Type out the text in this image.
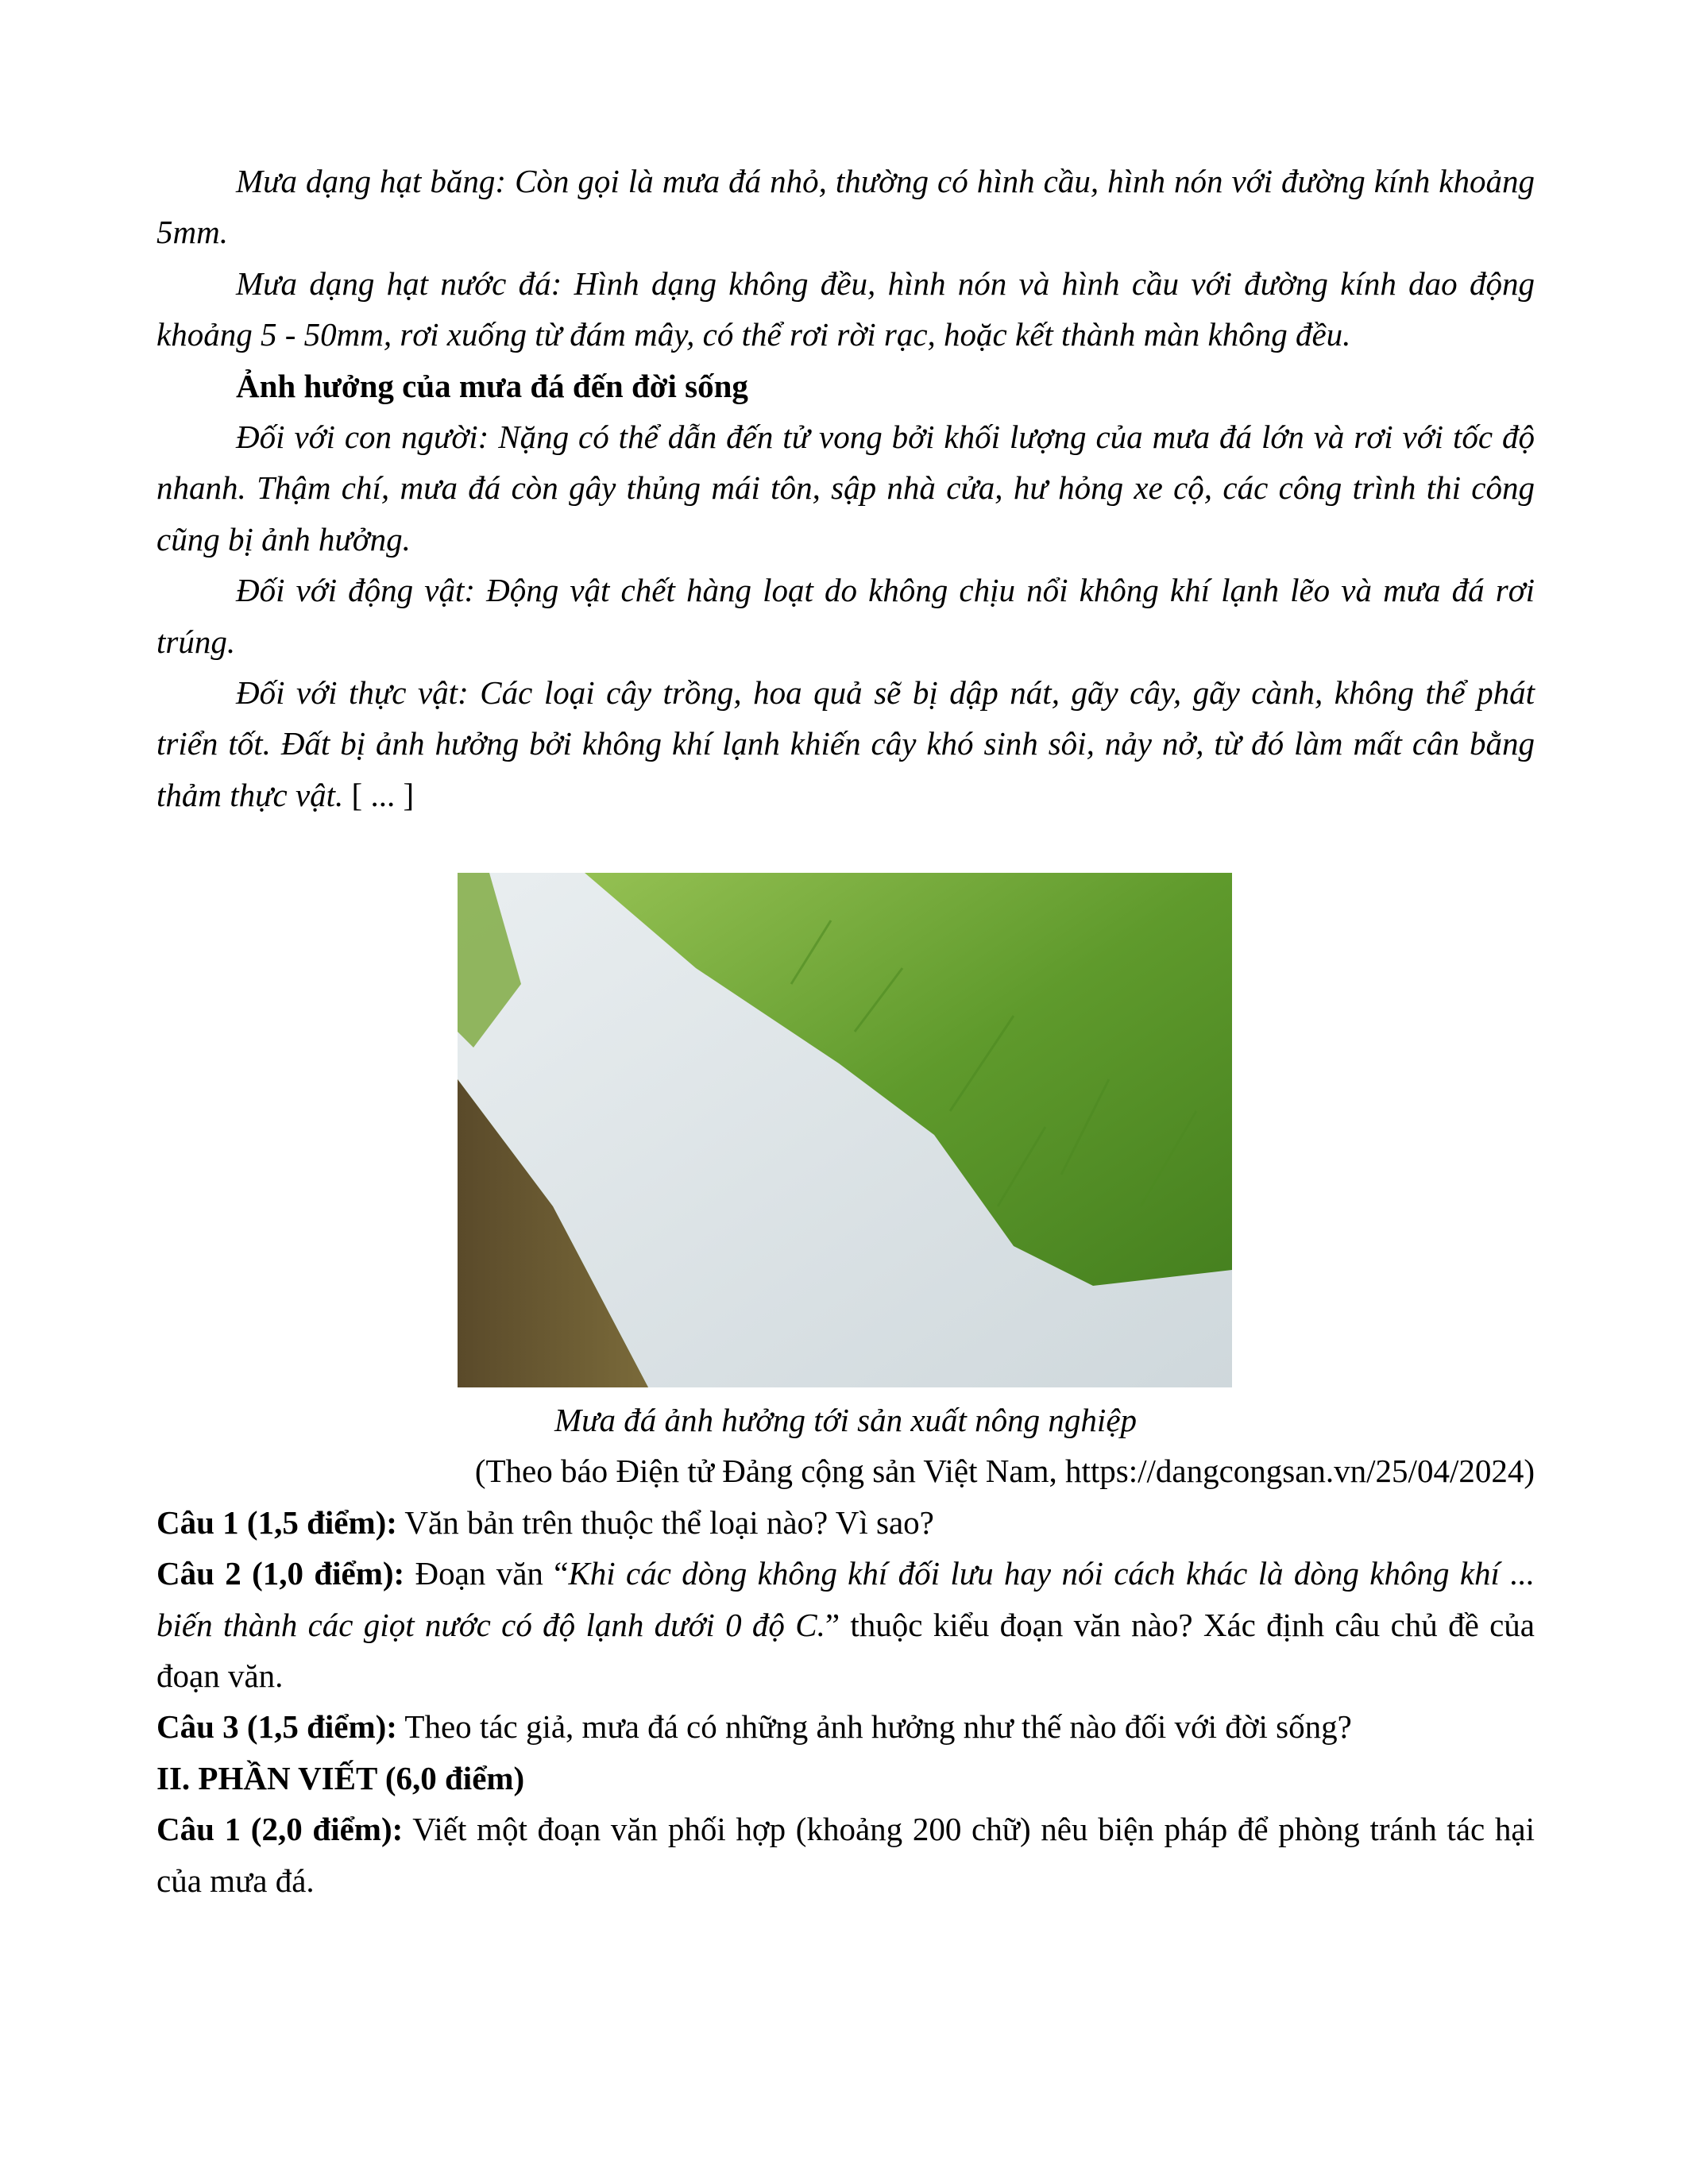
Mưa dạng hạt băng: Còn gọi là mưa đá nhỏ, thường có hình cầu, hình nón với đường kính khoảng 5mm.

Mưa dạng hạt nước đá: Hình dạng không đều, hình nón và hình cầu với đường kính dao động khoảng 5 - 50mm, rơi xuống từ đám mây, có thể rơi rời rạc, hoặc kết thành màn không đều.

Ảnh hưởng của mưa đá đến đời sống

Đối với con người: Nặng có thể dẫn đến tử vong bởi khối lượng của mưa đá lớn và rơi với tốc độ nhanh. Thậm chí, mưa đá còn gây thủng mái tôn, sập nhà cửa, hư hỏng xe cộ, các công trình thi công cũng bị ảnh hưởng.

Đối với động vật: Động vật chết hàng loạt do không chịu nổi không khí lạnh lẽo và mưa đá rơi trúng.

Đối với thực vật: Các loại cây trồng, hoa quả sẽ bị dập nát, gãy cây, gãy cành, không thể phát triển tốt. Đất bị ảnh hưởng bởi không khí lạnh khiến cây khó sinh sôi, nảy nở, từ đó làm mất cân bằng thảm thực vật. [ ... ]

Mưa đá ảnh hưởng tới sản xuất nông nghiệp

(Theo báo Điện tử Đảng cộng sản Việt Nam, https://dangcongsan.vn/25/04/2024)

Câu 1 (1,5 điểm): Văn bản trên thuộc thể loại nào? Vì sao?

Câu 2 (1,0 điểm): Đoạn văn “Khi các dòng không khí đối lưu hay nói cách khác là dòng không khí ... biến thành các giọt nước có độ lạnh dưới 0 độ C.” thuộc kiểu đoạn văn nào? Xác định câu chủ đề của đoạn văn.

Câu 3 (1,5 điểm): Theo tác giả, mưa đá có những ảnh hưởng như thế nào đối với đời sống?

II. PHẦN VIẾT (6,0 điểm)

Câu 1 (2,0 điểm): Viết một đoạn văn phối hợp (khoảng 200 chữ) nêu biện pháp để phòng tránh tác hại của mưa đá.
